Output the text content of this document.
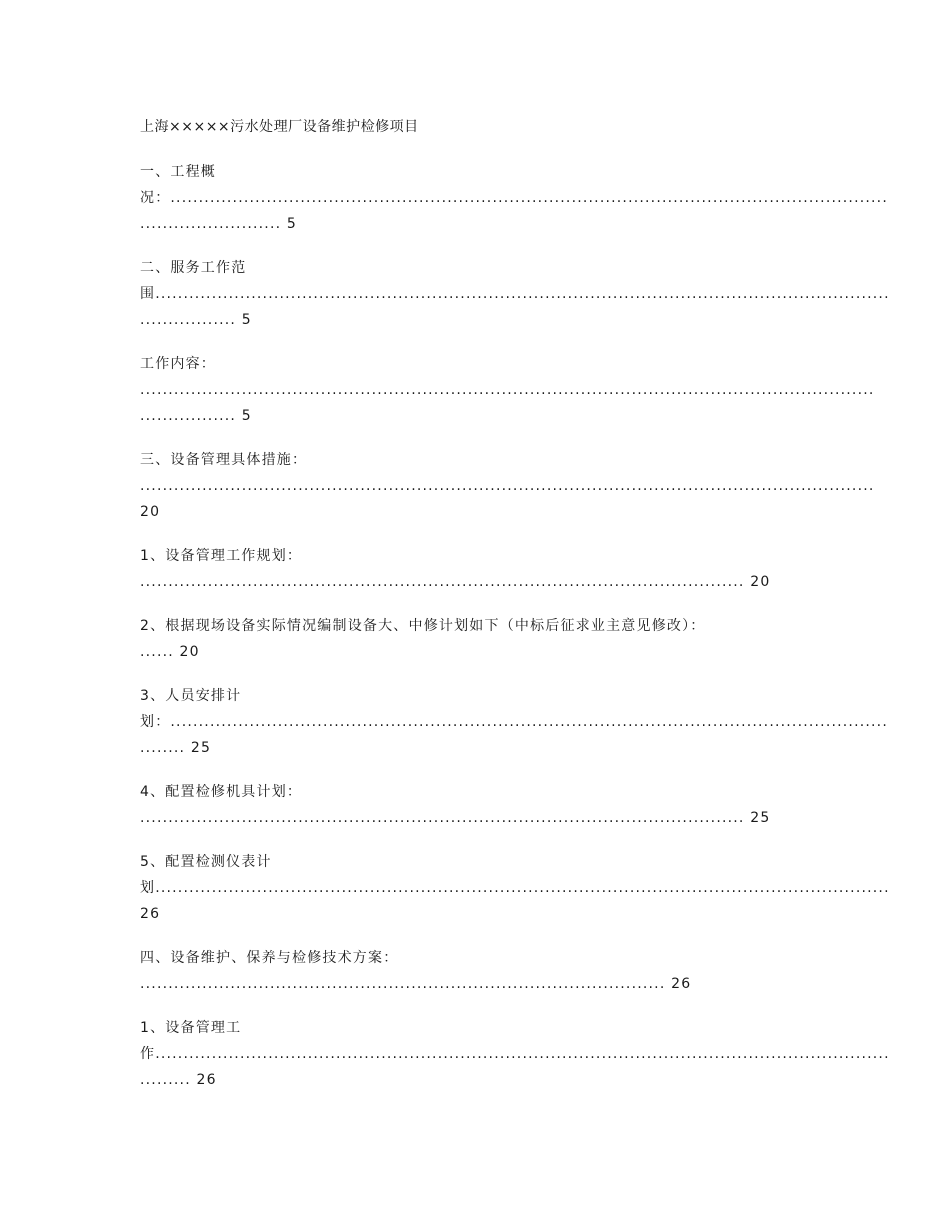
上海×××××污水处理厂设备维护检修项目
一、工程概
况：...............................................................................................................................
......................... 5
二、服务工作范
围..................................................................................................................................
................. 5
工作内容：
..................................................................................................................................
................. 5
三、设备管理具体措施：
..................................................................................................................................
20
1、设备管理工作规划：
........................................................................................................... 20
2、根据现场设备实际情况编制设备大、中修计划如下（中标后征求业主意见修改）：
...... 20
3、人员安排计
划：...............................................................................................................................
........ 25
4、配置检修机具计划：
........................................................................................................... 25
5、配置检测仪表计
划..................................................................................................................................
26
四、设备维护、保养与检修技术方案：
............................................................................................. 26
1、设备管理工
作..................................................................................................................................
......... 26
